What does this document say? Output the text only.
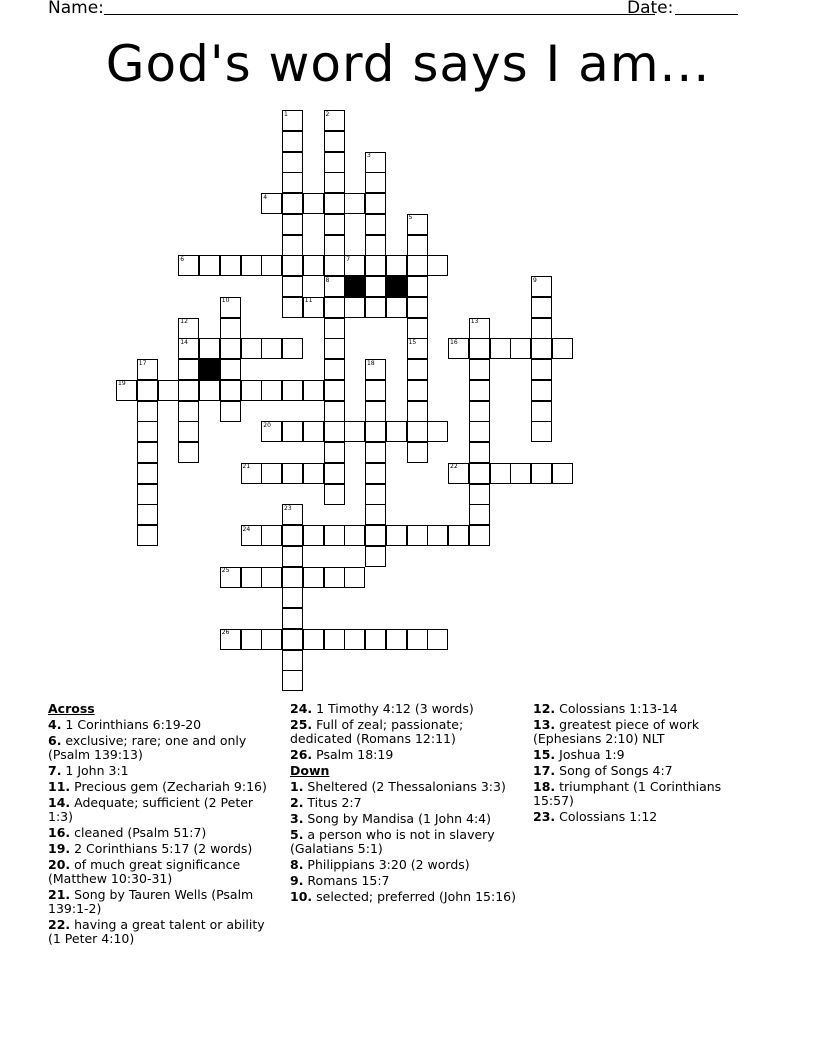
Name:	Date:
God's word says I am...
1	2
3
4
5
6	7
8	9
10	11
12	13
14	15	16
17	18
19
20
21	22
23
24
25
26
Across
4. 1 Corinthians 6:19-20
6. exclusive; rare; one and only (Psalm 139:13)
7. 1 John 3:1
11. Precious gem (Zechariah 9:16)
14. Adequate; sufficient (2 Peter 1:3)
16. cleaned (Psalm 51:7)
19. 2 Corinthians 5:17 (2 words)
20. of much great significance (Matthew 10:30-31)
21. Song by Tauren Wells (Psalm 139:1-2)
22. having a great talent or ability (1 Peter 4:10)
24. 1 Timothy 4:12 (3 words)
25. Full of zeal; passionate; dedicated (Romans 12:11)
26. Psalm 18:19
Down
1. Sheltered (2 Thessalonians 3:3)
2. Titus 2:7
3. Song by Mandisa (1 John 4:4)
5. a person who is not in slavery (Galatians 5:1)
8. Philippians 3:20 (2 words)
9. Romans 15:7
10. selected; preferred (John 15:16)
12. Colossians 1:13-14
13. greatest piece of work (Ephesians 2:10) NLT
15. Joshua 1:9
17. Song of Songs 4:7
18. triumphant (1 Corinthians 15:57)
23. Colossians 1:12
